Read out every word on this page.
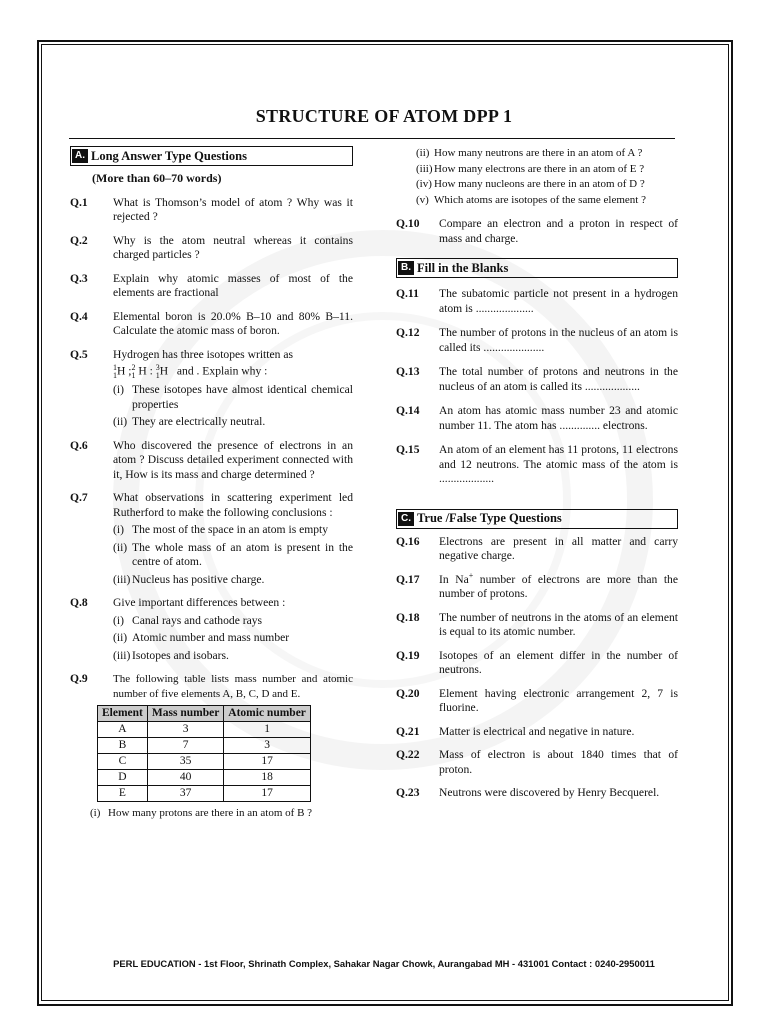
STRUCTURE OF ATOM DPP 1
A. Long Answer Type Questions
(More than 60–70 words)
Q.1	What is Thomson’s model of atom ? Why was it rejected ?
Q.2	Why is the atom neutral whereas it contains charged particles ?
Q.3	Explain why atomic masses of most of the elements are fractional
Q.4	Elemental boron is 20.0% B–10 and 80% B–11. Calculate the atomic mass of boron.
Q.5	Hydrogen has three isotopes written as
1
1H ;2
1 H : 3
1H   and . Explain why :
(i) These isotopes have almost identical chemical properties
(ii) They are electrically neutral.
Q.6	Who discovered the presence of electrons in an atom ? Discuss detailed experiment connected with it, How is its mass and charge determined ?
Q.7	What observations in scattering experiment led Rutherford to make the following conclusions :
(i) The most of the space in an atom is empty
(ii) The whole mass of an atom is present in the centre of atom.
(iii) Nucleus has positive charge.
Q.8	Give important differences between :
(i) Canal rays and cathode rays
(ii) Atomic number and mass number
(iii) Isotopes and isobars.
Q.9	The following table lists mass number and atomic number of five elements A, B, C, D and E.
Element	Mass number	Atomic number
A	3	1
B	7	3
C	35	17
D	40	18
E	37	17
(i) How many protons are there in an atom of B ?
(ii) How many neutrons are there in an atom of A ?
(iii) How many electrons are there in an atom of E ?
(iv) How many nucleons are there in an atom of D ?
(v) Which atoms are isotopes of the same element ?
Q.10	Compare an electron and a proton in respect of mass and charge.
B. Fill in the Blanks
Q.11	The subatomic particle not present in a hydrogen atom is ....................
Q.12	The number of protons in the nucleus of an atom is called its .....................
Q.13	The total number of protons and neutrons in the nucleus of an atom is called its ...................
Q.14	An atom has atomic mass number 23 and atomic number 11. The atom has .............. electrons.
Q.15	An atom of an element has 11 protons, 11 electrons and 12 neutrons. The atomic mass of the atom is ...................
C. True /False Type Questions
Q.16	Electrons are present in all matter and carry negative charge.
Q.17	In Na+ number of electrons are more than the number of protons.
Q.18	The number of neutrons in the atoms of an element is equal to its atomic number.
Q.19	Isotopes of an element differ in the number of neutrons.
Q.20	Element having electronic arrangement 2, 7 is fluorine.
Q.21	Matter is electrical and negative in nature.
Q.22	Mass of electron is about 1840 times that of proton.
Q.23	Neutrons were discovered by Henry Becquerel.
PERL EDUCATION - 1st Floor, Shrinath Complex, Sahakar Nagar Chowk, Aurangabad MH - 431001 Contact : 0240-2950011
